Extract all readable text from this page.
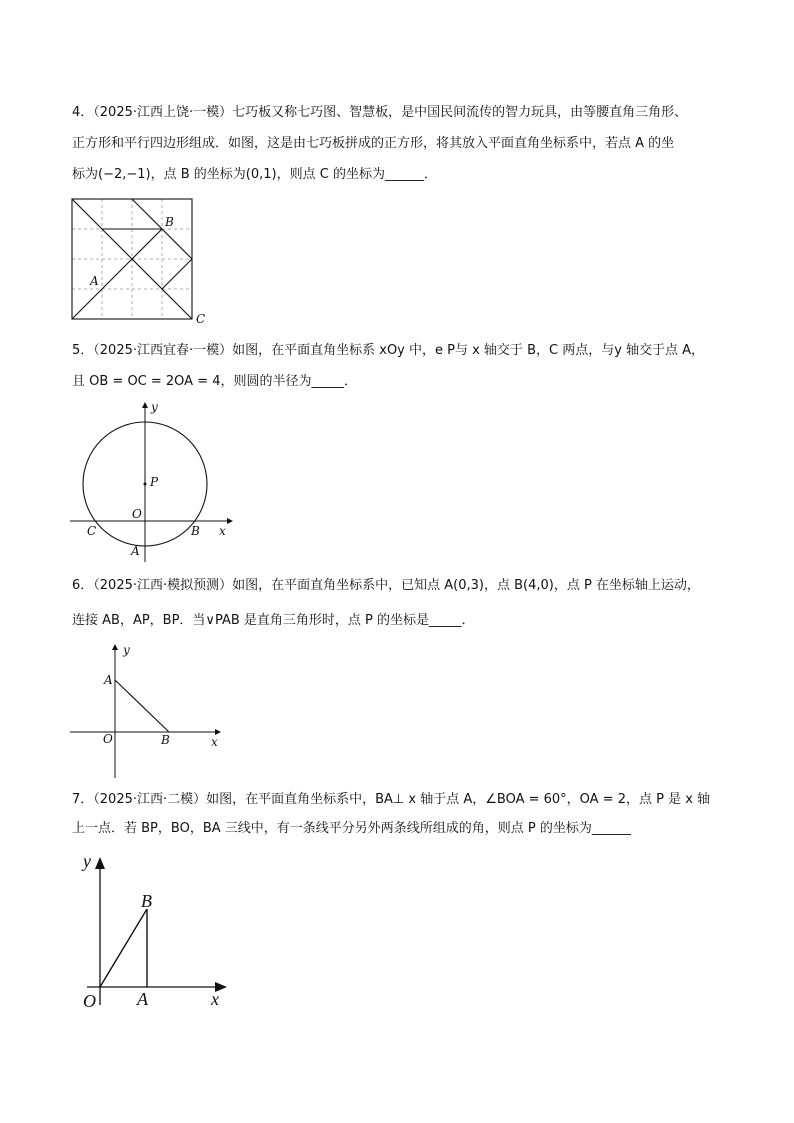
4．（2025·江西上饶·一模）七巧板又称七巧图、智慧板，是中国民间流传的智力玩具，由等腰直角三角形、
正方形和平行四边形组成．如图，这是由七巧板拼成的正方形，将其放入平面直角坐标系中，若点 A 的坐
标为(−2,−1)，点 B 的坐标为(0,1)，则点 C 的坐标为______．
B
A
C
5．（2025·江西宜春·一模）如图，在平面直角坐标系 xOy 中，e P与 x 轴交于 B，C 两点，与y 轴交于点 A，
且 OB = OC = 2OA = 4，则圆的半径为_____．
y
P
O
C	B x
A
6．（2025·江西·模拟预测）如图，在平面直角坐标系中，已知点 A(0,3)，点 B(4,0)，点 P 在坐标轴上运动，
连接 AB，AP，BP．当∨PAB 是直角三角形时，点 P 的坐标是_____．
y
A
O	B	x
7．（2025·江西·二模）如图，在平面直角坐标系中，BA⊥ x 轴于点 A，∠BOA = 60°，OA = 2，点 P 是 x 轴
上一点．若 BP，BO，BA 三线中，有一条线平分另外两条线所组成的角，则点 P 的坐标为______
y
B
O A	x
